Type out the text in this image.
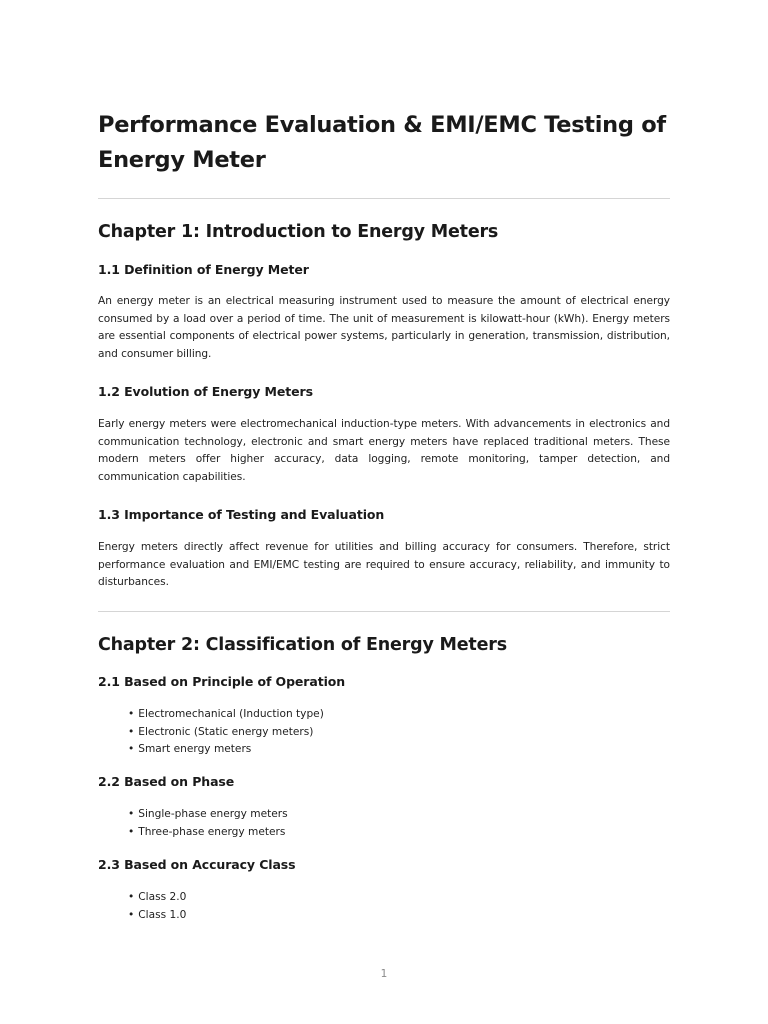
Performance Evaluation & EMI/EMC Testing of Energy Meter
Chapter 1: Introduction to Energy Meters
1.1 Definition of Energy Meter

An energy meter is an electrical measuring instrument used to measure the amount of electrical energy consumed by a load over a period of time. The unit of measurement is kilowatt-hour (kWh). Energy meters are essential components of electrical power systems, particularly in generation, transmission, distribution, and consumer billing.

1.2 Evolution of Energy Meters

Early energy meters were electromechanical induction-type meters. With advancements in electronics and communication technology, electronic and smart energy meters have replaced traditional meters. These modern meters offer higher accuracy, data logging, remote monitoring, tamper detection, and communication capabilities.

1.3 Importance of Testing and Evaluation

Energy meters directly affect revenue for utilities and billing accuracy for consumers. Therefore, strict performance evaluation and EMI/EMC testing are required to ensure accuracy, reliability, and immunity to disturbances.

Chapter 2: Classification of Energy Meters
2.1 Based on Principle of Operation
• Electromechanical (Induction type)
• Electronic (Static energy meters)
• Smart energy meters
2.2 Based on Phase
• Single-phase energy meters
• Three-phase energy meters
2.3 Based on Accuracy Class
• Class 2.0
• Class 1.0
1
